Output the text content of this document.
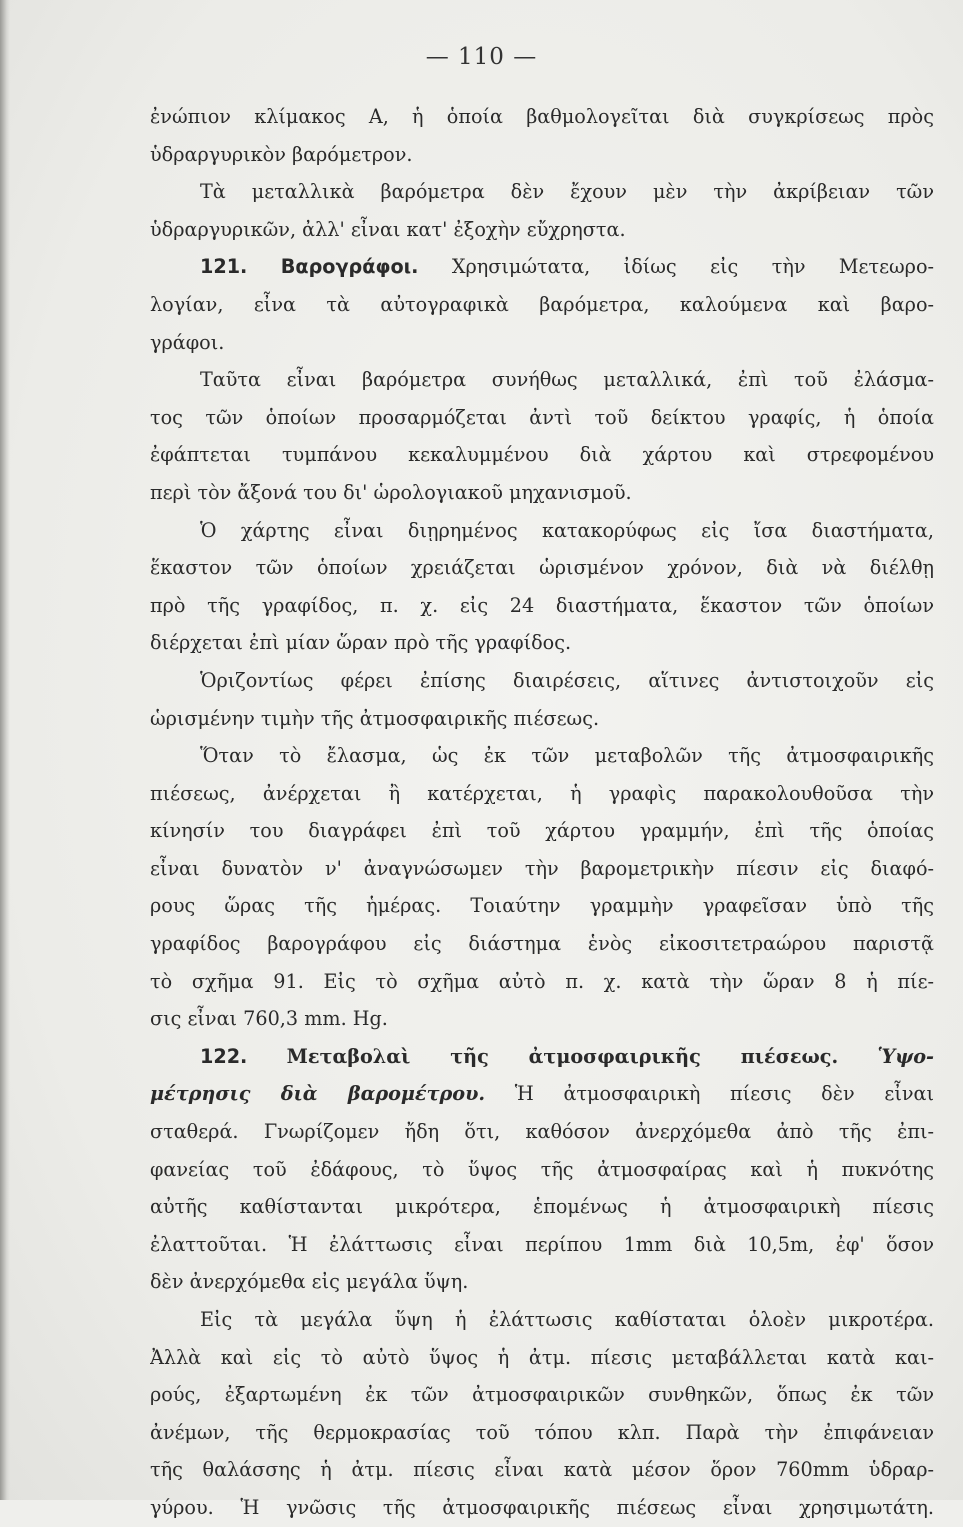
— 110 —
ἐνώπιον κλίμακος Α, ἡ ὁποία βαθμολογεῖται διὰ συγκρίσεως πρὸς
ὑδραργυρικὸν βαρόμετρον.
Τὰ μεταλλικὰ βαρόμετρα δὲν ἔχουν μὲν τὴν ἀκρίβειαν τῶν
ὑδραργυρικῶν, ἀλλ' εἶναι κατ' ἐξοχὴν εὔχρηστα.
121. Βαρογράφοι. Χρησιμώτατα, ἰδίως εἰς τὴν Μετεωρο-
λογίαν, εἶνα τὰ αὐτογραφικὰ βαρόμετρα, καλούμενα καὶ βαρο-
γράφοι.
Ταῦτα εἶναι βαρόμετρα συνήθως μεταλλικά, ἐπὶ τοῦ ἐλάσμα-
τος τῶν ὁποίων προσαρμόζεται ἀντὶ τοῦ δείκτου γραφίς, ἡ ὁποία
ἐφάπτεται τυμπάνου κεκαλυμμένου διὰ χάρτου καὶ στρεφομένου
περὶ τὸν ἄξονά του δι' ὡρολογιακοῦ μηχανισμοῦ.
Ὁ χάρτης εἶναι διῃρημένος κατακορύφως εἰς ἴσα διαστήματα,
ἕκαστον τῶν ὁποίων χρειάζεται ὡρισμένον χρόνον, διὰ νὰ διέλθῃ
πρὸ τῆς γραφίδος, π. χ. εἰς 24 διαστήματα, ἕκαστον τῶν ὁποίων
διέρχεται ἐπὶ μίαν ὥραν πρὸ τῆς γραφίδος.
Ὁριζοντίως φέρει ἐπίσης διαιρέσεις, αἵτινες ἀντιστοιχοῦν εἰς
ὡρισμένην τιμὴν τῆς ἀτμοσφαιρικῆς πιέσεως.
Ὅταν τὸ ἔλασμα, ὡς ἐκ τῶν μεταβολῶν τῆς ἀτμοσφαιρικῆς
πιέσεως, ἀνέρχεται ἢ κατέρχεται, ἡ γραφὶς παρακολουθοῦσα τὴν
κίνησίν του διαγράφει ἐπὶ τοῦ χάρτου γραμμήν, ἐπὶ τῆς ὁποίας
εἶναι δυνατὸν ν' ἀναγνώσωμεν τὴν βαρομετρικὴν πίεσιν εἰς διαφό-
ρους ὥρας τῆς ἡμέρας. Τοιαύτην γραμμὴν γραφεῖσαν ὑπὸ τῆς
γραφίδος βαρογράφου εἰς διάστημα ἑνὸς εἰκοσιτετραώρου παριστᾷ
τὸ σχῆμα 91. Εἰς τὸ σχῆμα αὐτὸ π. χ. κατὰ τὴν ὥραν 8 ἡ πίε-
σις εἶναι 760,3 mm. Hg.
122. Μεταβολαὶ τῆς ἀτμοσφαιρικῆς πιέσεως. Ὑψο-
μέτρησις διὰ βαρομέτρου. Ἡ ἀτμοσφαιρικὴ πίεσις δὲν εἶναι
σταθερά. Γνωρίζομεν ἤδη ὅτι, καθόσον ἀνερχόμεθα ἀπὸ τῆς ἐπι-
φανείας τοῦ ἐδάφους, τὸ ὕψος τῆς ἀτμοσφαίρας καὶ ἡ πυκνότης
αὐτῆς καθίστανται μικρότερα, ἑπομένως ἡ ἀτμοσφαιρικὴ πίεσις
ἐλαττοῦται. Ἡ ἐλάττωσις εἶναι περίπου 1mm διὰ 10,5m, ἐφ' ὅσον
δὲν ἀνερχόμεθα εἰς μεγάλα ὕψη.
Εἰς τὰ μεγάλα ὕψη ἡ ἐλάττωσις καθίσταται ὁλοὲν μικροτέρα.
Ἀλλὰ καὶ εἰς τὸ αὐτὸ ὕψος ἡ ἀτμ. πίεσις μεταβάλλεται κατὰ και-
ρούς, ἐξαρτωμένη ἐκ τῶν ἀτμοσφαιρικῶν συνθηκῶν, ὅπως ἐκ τῶν
ἀνέμων, τῆς θερμοκρασίας τοῦ τόπου κλπ. Παρὰ τὴν ἐπιφάνειαν
τῆς θαλάσσης ἡ ἀτμ. πίεσις εἶναι κατὰ μέσον ὅρον 760mm ὑδραρ-
γύρου. Ἡ γνῶσις τῆς ἀτμοσφαιρικῆς πιέσεως εἶναι χρησιμωτάτη.
